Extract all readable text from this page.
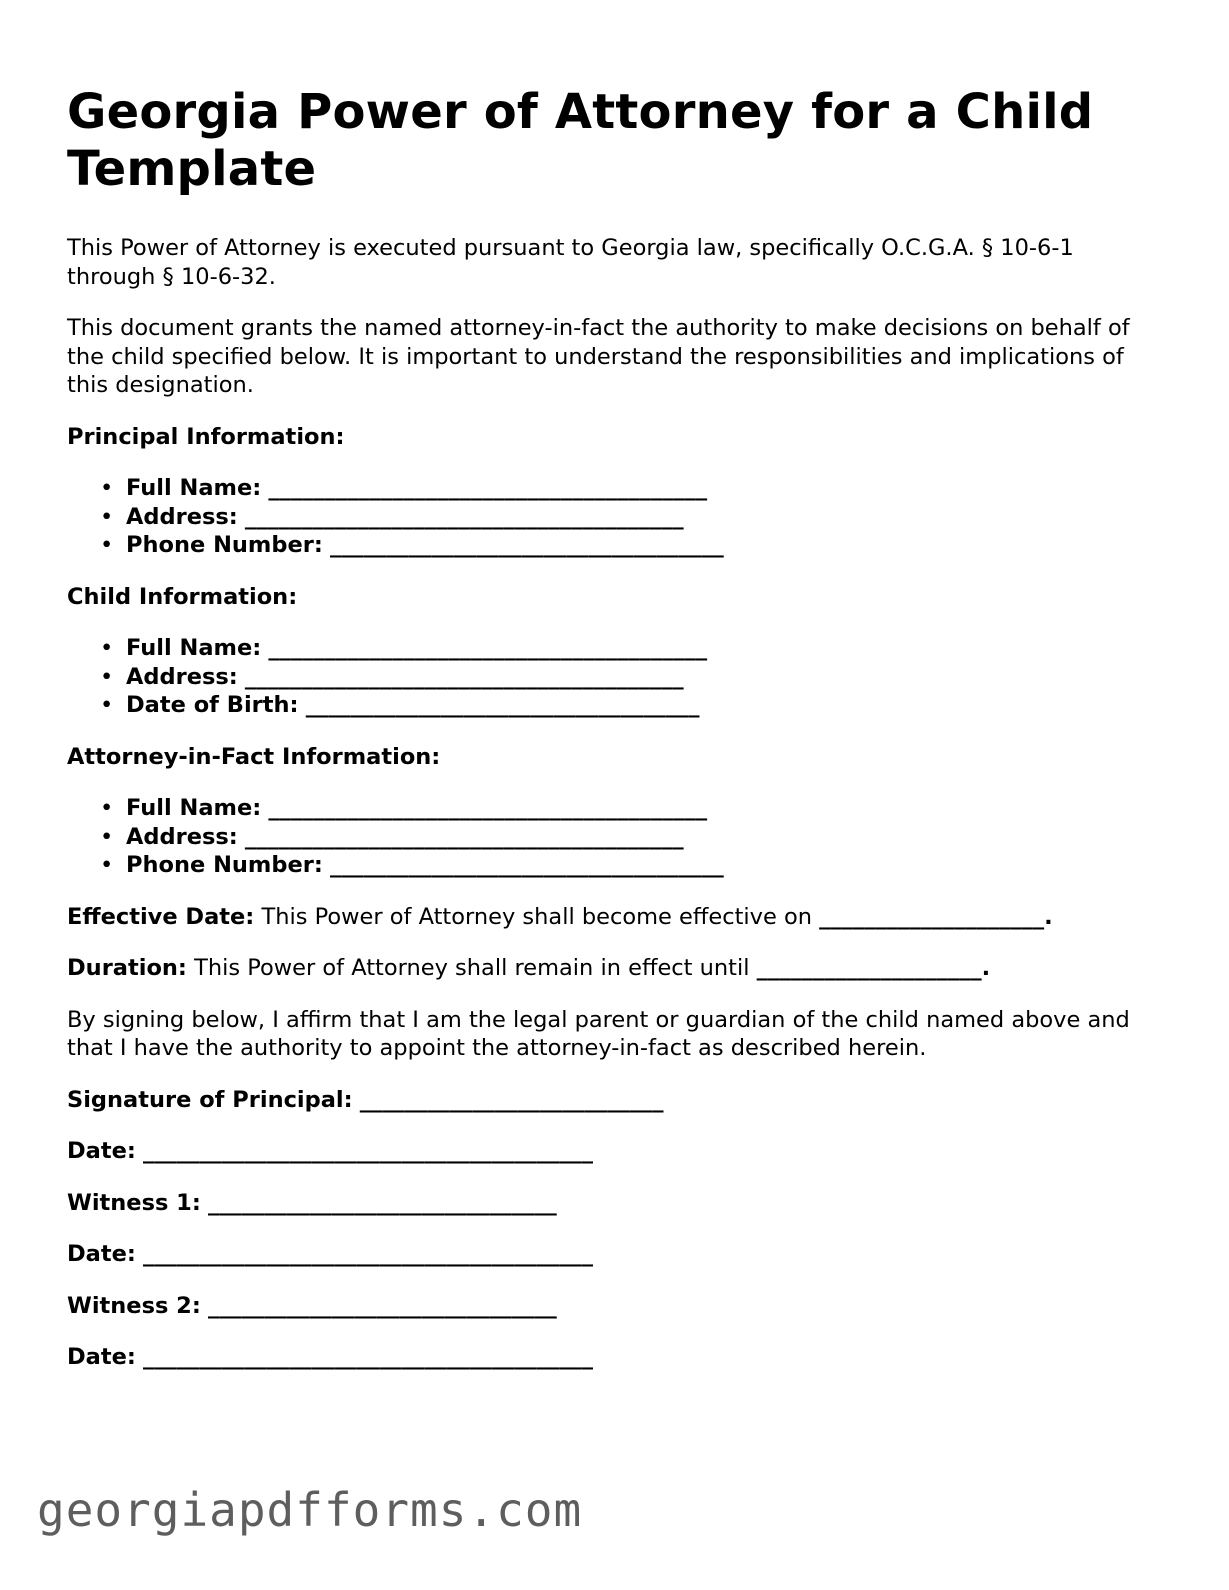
Georgia Power of Attorney for a Child Template

This Power of Attorney is executed pursuant to Georgia law, specifically O.C.G.A. § 10-6-1 through § 10-6-32.

This document grants the named attorney-in-fact the authority to make decisions on behalf of the child specified below. It is important to understand the responsibilities and implications of this designation.

Principal Information:
• Full Name: _______________________________________
• Address: _______________________________________
• Phone Number: ___________________________________
Child Information:
• Full Name: _______________________________________
• Address: _______________________________________
• Date of Birth: ___________________________________
Attorney-in-Fact Information:
• Full Name: _______________________________________
• Address: _______________________________________
• Phone Number: ___________________________________

Effective Date: This Power of Attorney shall become effective on ____________________.

Duration: This Power of Attorney shall remain in effect until ____________________.

By signing below, I affirm that I am the legal parent or guardian of the child named above and that I have the authority to appoint the attorney-in-fact as described herein.

Signature of Principal: ___________________________

Date: ________________________________________

Witness 1: _______________________________

Date: ________________________________________

Witness 2: _______________________________

Date: ________________________________________

georgiapdfforms.com
